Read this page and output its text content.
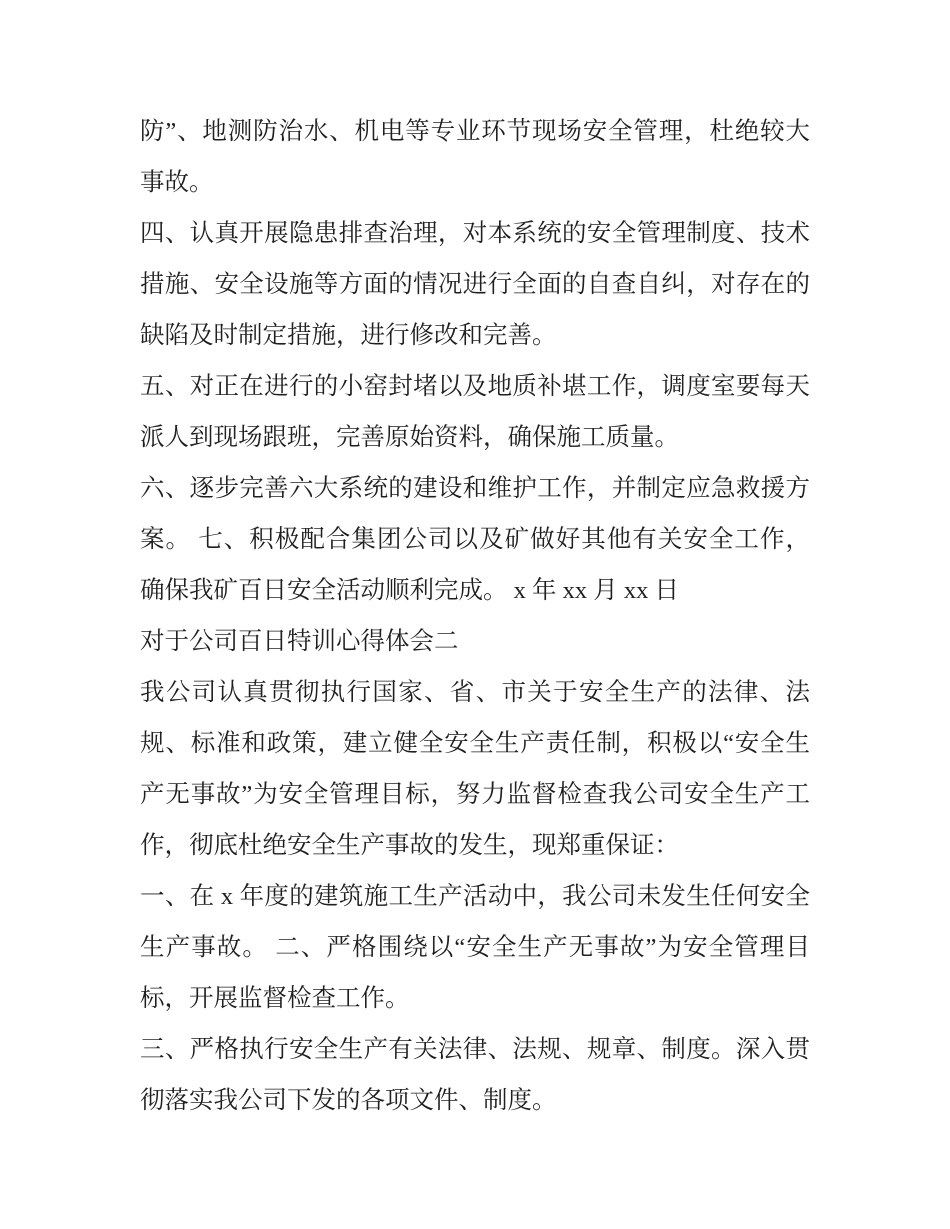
防”、地测防治水、机电等专业环节现场安全管理，杜绝较大
事故。
四、认真开展隐患排查治理，对本系统的安全管理制度、技术
措施、安全设施等方面的情况进行全面的自查自纠，对存在的
缺陷及时制定措施，进行修改和完善。
五、对正在进行的小窑封堵以及地质补堪工作，调度室要每天
派人到现场跟班，完善原始资料，确保施工质量。
六、逐步完善六大系统的建设和维护工作，并制定应急救援方
案。 七、积极配合集团公司以及矿做好其他有关安全工作，
确保我矿百日安全活动顺利完成。 x 年 xx 月 xx 日
对于公司百日特训心得体会二
我公司认真贯彻执行国家、省、市关于安全生产的法律、法
规、标准和政策，建立健全安全生产责任制，积极以“安全生
产无事故”为安全管理目标，努力监督检查我公司安全生产工
作，彻底杜绝安全生产事故的发生，现郑重保证：
一、在 x 年度的建筑施工生产活动中，我公司未发生任何安全
生产事故。 二、严格围绕以“安全生产无事故”为安全管理目
标，开展监督检查工作。
三、严格执行安全生产有关法律、法规、规章、制度。深入贯
彻落实我公司下发的各项文件、制度。
